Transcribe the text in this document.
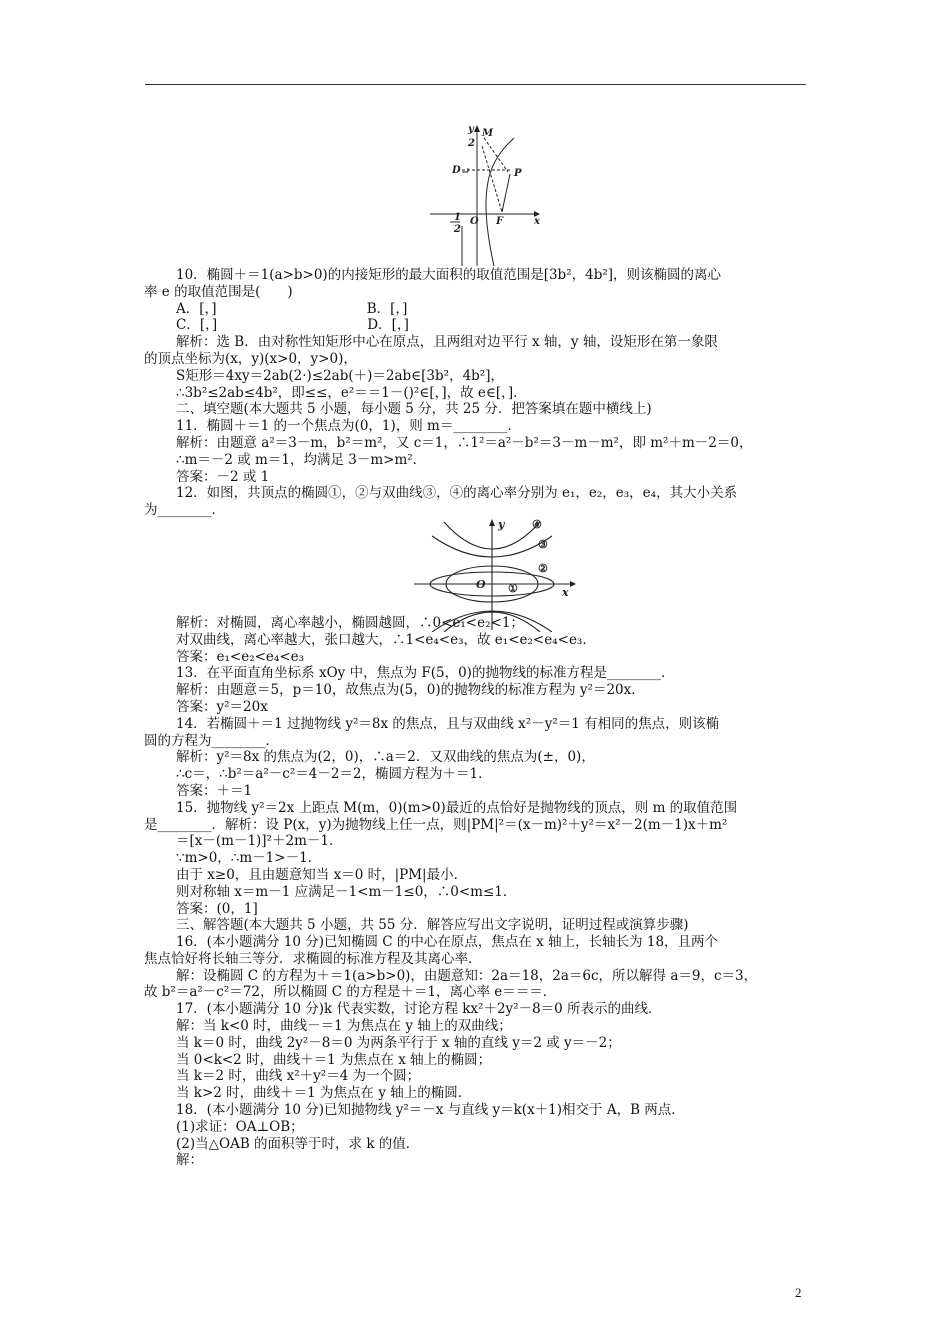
y M
2
D	P
1
2
O F	x
y	④
③
②
O ①	x
10．椭圆＋＝1(a>b>0)的内接矩形的最大面积的取值范围是[3b²，4b²]，则该椭圆的离心
率 e 的取值范围是(　　)
A．[，]                                   B．[，]
C．[，]                                   D．[，]
解析：选 B．由对称性知矩形中心在原点，且两组对边平行 x 轴，y 轴，设矩形在第一象限
的顶点坐标为(x，y)(x>0，y>0)，
S矩形＝4xy＝2ab(2·)≤2ab(＋)＝2ab∈[3b²，4b²]，
∴3b²≤2ab≤4b²，即≤≤，e²＝＝1－()²∈[，]，故 e∈[，]．
二、填空题(本大题共 5 小题，每小题 5 分，共 25 分．把答案填在题中横线上)
11．椭圆＋＝1 的一个焦点为(0，1)，则 m＝________．
解析：由题意 a²＝3－m，b²＝m²，又 c＝1，∴1²＝a²－b²＝3－m－m²，即 m²＋m－2＝0，
∴m＝－2 或 m＝1，均满足 3－m>m²．
答案：－2 或 1
12．如图，共顶点的椭圆①，②与双曲线③，④的离心率分别为 e₁，e₂，e₃，e₄，其大小关系
为________．
解析：对椭圆，离心率越小，椭圆越圆，∴0<e₁<e₂<1；
对双曲线，离心率越大，张口越大，∴1<e₄<e₃，故 e₁<e₂<e₄<e₃．
答案：e₁<e₂<e₄<e₃
13．在平面直角坐标系 xOy 中，焦点为 F(5，0)的抛物线的标准方程是________．
解析：由题意＝5，p＝10，故焦点为(5，0)的抛物线的标准方程为 y²＝20x．
答案：y²＝20x
14．若椭圆＋＝1 过抛物线 y²＝8x 的焦点，且与双曲线 x²－y²＝1 有相同的焦点，则该椭
圆的方程为________．
解析：y²＝8x 的焦点为(2，0)，∴a＝2．又双曲线的焦点为(±，0)，
∴c＝，∴b²＝a²－c²＝4－2＝2，椭圆方程为＋＝1．
答案：＋＝1
15．抛物线 y²＝2x 上距点 M(m，0)(m>0)最近的点恰好是抛物线的顶点，则 m 的取值范围
是________．解析：设 P(x，y)为抛物线上任一点，则|PM|²＝(x－m)²＋y²＝x²－2(m－1)x＋m²
＝[x－(m－1)]²＋2m－1．
∵m>0，∴m－1>－1．
由于 x≥0，且由题意知当 x＝0 时，|PM|最小．
则对称轴 x＝m－1 应满足－1<m－1≤0，∴0<m≤1．
答案：(0，1]
三、解答题(本大题共 5 小题，共 55 分．解答应写出文字说明，证明过程或演算步骤)
16．(本小题满分 10 分)已知椭圆 C 的中心在原点，焦点在 x 轴上，长轴长为 18，且两个
焦点恰好将长轴三等分．求椭圆的标准方程及其离心率．
解：设椭圆 C 的方程为＋＝1(a>b>0)，由题意知：2a＝18，2a＝6c，所以解得 a＝9，c＝3，
故 b²＝a²－c²＝72，所以椭圆 C 的方程是＋＝1，离心率 e＝＝＝．
17．(本小题满分 10 分)k 代表实数，讨论方程 kx²＋2y²－8＝0 所表示的曲线．
解：当 k<0 时，曲线－＝1 为焦点在 y 轴上的双曲线；
当 k＝0 时，曲线 2y²－8＝0 为两条平行于 x 轴的直线 y＝2 或 y＝－2；
当 0<k<2 时，曲线＋＝1 为焦点在 x 轴上的椭圆；
当 k＝2 时，曲线 x²＋y²＝4 为一个圆；
当 k>2 时，曲线＋＝1 为焦点在 y 轴上的椭圆．
18．(本小题满分 10 分)已知抛物线 y²＝－x 与直线 y＝k(x＋1)相交于 A，B 两点．
(1)求证：OA⊥OB；
(2)当△OAB 的面积等于时，求 k 的值．
解：
2
